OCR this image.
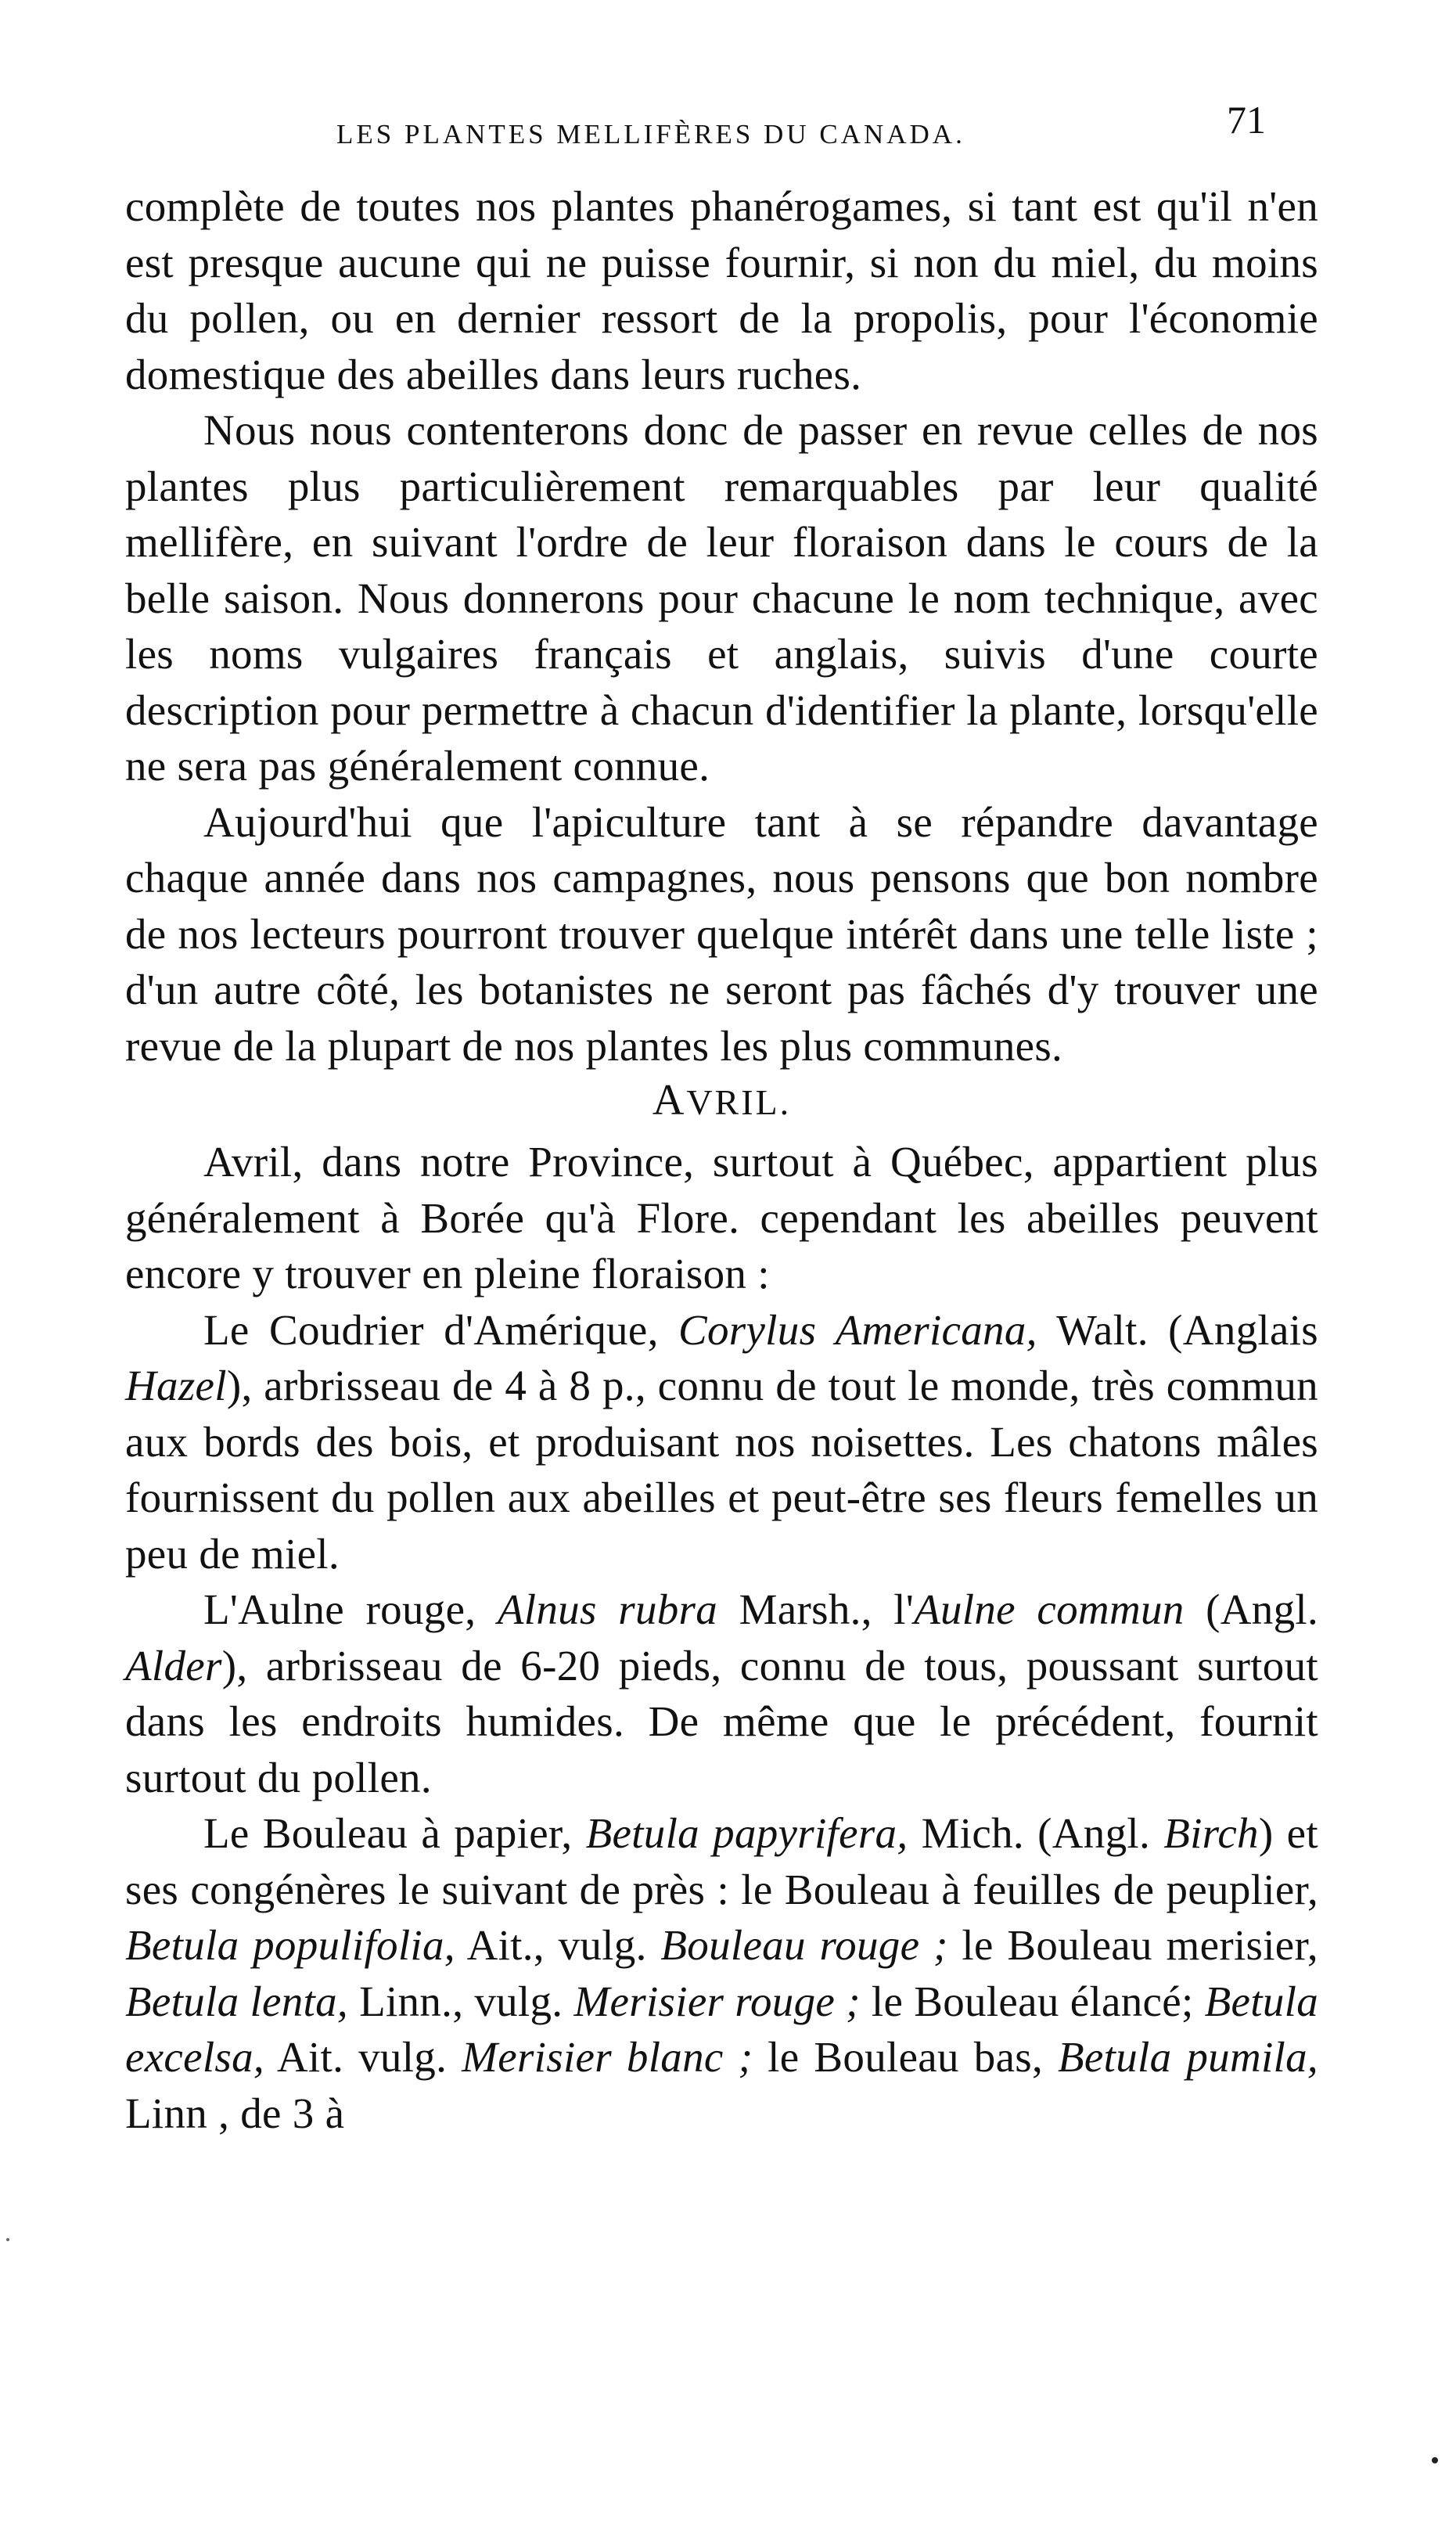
LES PLANTES MELLIFÈRES DU CANADA.	71

complète de toutes nos plantes phanérogames, si tant est qu'il n'en est presque aucune qui ne puisse fournir, si non du miel, du moins du pollen, ou en dernier ressort de la propolis, pour l'économie domestique des abeilles dans leurs ruches.

Nous nous contenterons donc de passer en revue celles de nos plantes plus particulièrement remarquables par leur qualité mellifère, en suivant l'ordre de leur floraison dans le cours de la belle saison. Nous donnerons pour chacune le nom technique, avec les noms vulgaires français et anglais, suivis d'une courte description pour permettre à chacun d'identifier la plante, lorsqu'elle ne sera pas généralement connue.

Aujourd'hui que l'apiculture tant à se répandre davantage chaque année dans nos campagnes, nous pensons que bon nombre de nos lecteurs pourront trouver quelque intérêt dans une telle liste ; d'un autre côté, les botanistes ne seront pas fâchés d'y trouver une revue de la plupart de nos plantes les plus communes.

AVRIL.

Avril, dans notre Province, surtout à Québec, appartient plus généralement à Borée qu'à Flore. cependant les abeilles peuvent encore y trouver en pleine floraison :

Le Coudrier d'Amérique, Corylus Americana, Walt. (Anglais Hazel), arbrisseau de 4 à 8 p., connu de tout le monde, très commun aux bords des bois, et produisant nos noisettes. Les chatons mâles fournissent du pollen aux abeilles et peut-être ses fleurs femelles un peu de miel.

L'Aulne rouge, Alnus rubra Marsh., l'Aulne commun (Angl. Alder), arbrisseau de 6-20 pieds, connu de tous, poussant surtout dans les endroits humides. De même que le précédent, fournit surtout du pollen.

Le Bouleau à papier, Betula papyrifera, Mich. (Angl. Birch) et ses congénères le suivant de près : le Bouleau à feuilles de peuplier, Betula populifolia, Ait., vulg. Bouleau rouge ; le Bouleau merisier, Betula lenta, Linn., vulg. Merisier rouge ; le Bouleau élancé; Betula excelsa, Ait. vulg. Merisier blanc ; le Bouleau bas, Betula pumila, Linn , de 3 à
